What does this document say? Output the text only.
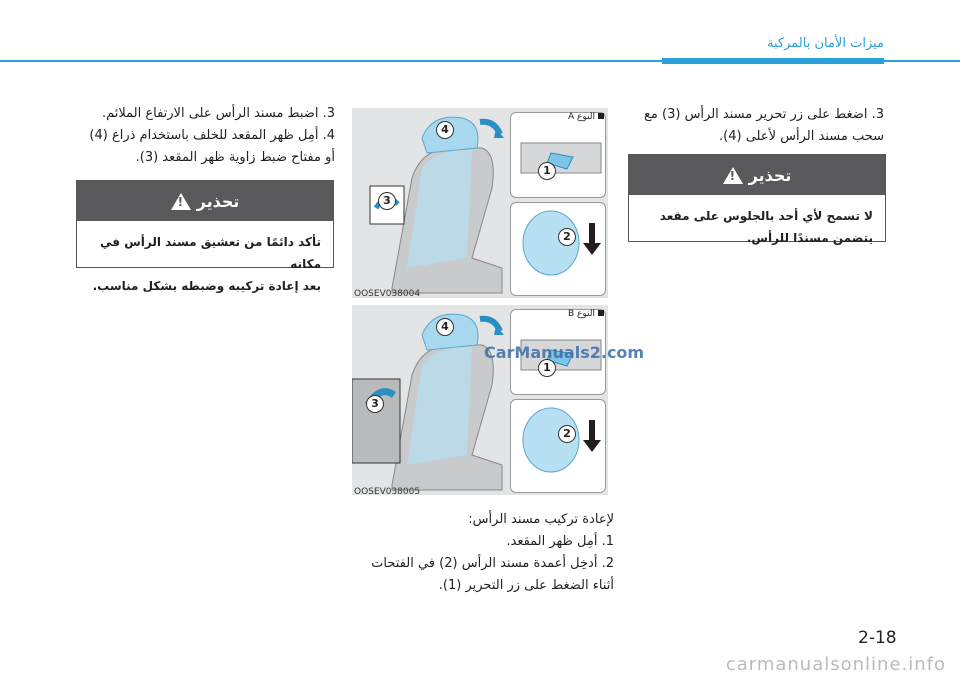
ميزات الأمان بالمركبة

3. اضغط على زر تحرير مسند الرأس (3) مع

سحب مسند الرأس لأعلى (4).

تحذير
!
لا تسمح لأي أحد بالجلوس على مقعد
يتضمن مسندًا للرأس.

3. اضبط مسند الرأس على الارتفاع الملائم.

4. أمِل ظهر المقعد للخلف باستخدام ذراع (4)

أو مفتاح ضبط زاوية ظهر المقعد (3).

تحذير
!
تأكد دائمًا من تعشيق مسند الرأس في مكانه
بعد إعادة تركيبه وضبطه بشكل مناسب.
النوع A
4
1
2
3
OOSEV038004
النوع B
4
1
2
3
OOSEV038005

لإعادة تركيب مسند الرأس:

1. أمِل ظهر المقعد.

2. أدخِل أعمدة مسند الرأس (2) في الفتحات

أثناء الضغط على زر التحرير (1).

CarManuals2.com
2-18
carmanualsonline.info
